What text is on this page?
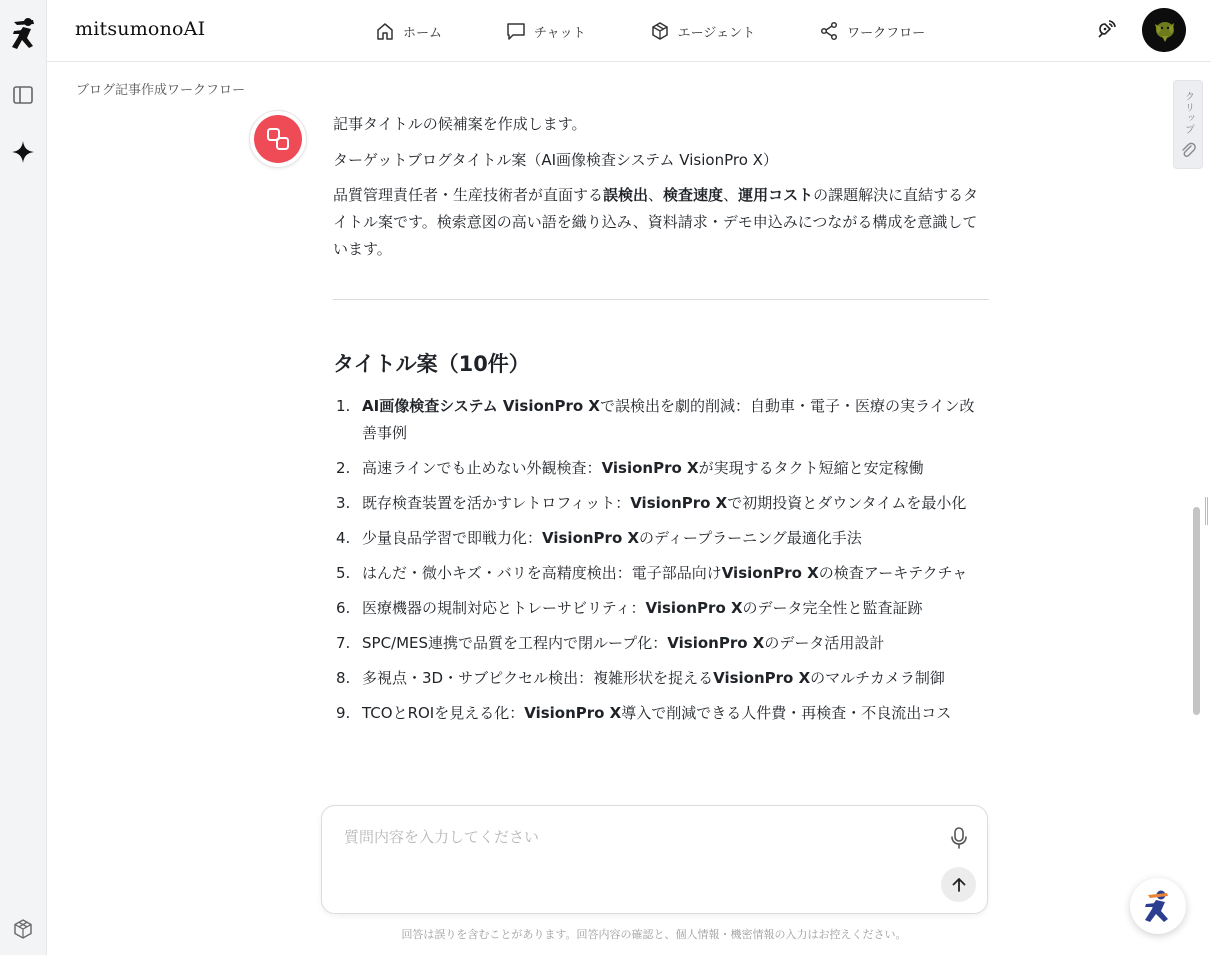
mitsumonoAI	ホーム	チャット	エージェント	ワークフロー
ブログ記事作成ワークフロー
クリップ

記事タイトルの候補案を作成します。

ターゲットブログタイトル案（AI画像検査システム VisionPro X）

品質管理責任者・生産技術者が直面する誤検出、検査速度、運用コストの課題解決に直結するタイトル案です。検索意図の高い語を織り込み、資料請求・デモ申込みにつながる構成を意識しています。

タイトル案（10件）
1. AI画像検査システム VisionPro Xで誤検出を劇的削減：自動車・電子・医療の実ライン改善事例
2. 高速ラインでも止めない外観検査：VisionPro Xが実現するタクト短縮と安定稼働
3. 既存検査装置を活かすレトロフィット：VisionPro Xで初期投資とダウンタイムを最小化
4. 少量良品学習で即戦力化：VisionPro Xのディープラーニング最適化手法
5. はんだ・微小キズ・バリを高精度検出：電子部品向けVisionPro Xの検査アーキテクチャ
6. 医療機器の規制対応とトレーサビリティ：VisionPro Xのデータ完全性と監査証跡
7. SPC/MES連携で品質を工程内で閉ループ化：VisionPro Xのデータ活用設計
8. 多視点・3D・サブピクセル検出：複雑形状を捉えるVisionPro Xのマルチカメラ制御
9. TCOとROIを見える化：VisionPro X導入で削減できる人件費・再検査・不良流出コス
質問内容を入力してください
回答は誤りを含むことがあります。回答内容の確認と、個人情報・機密情報の入力はお控えください。
